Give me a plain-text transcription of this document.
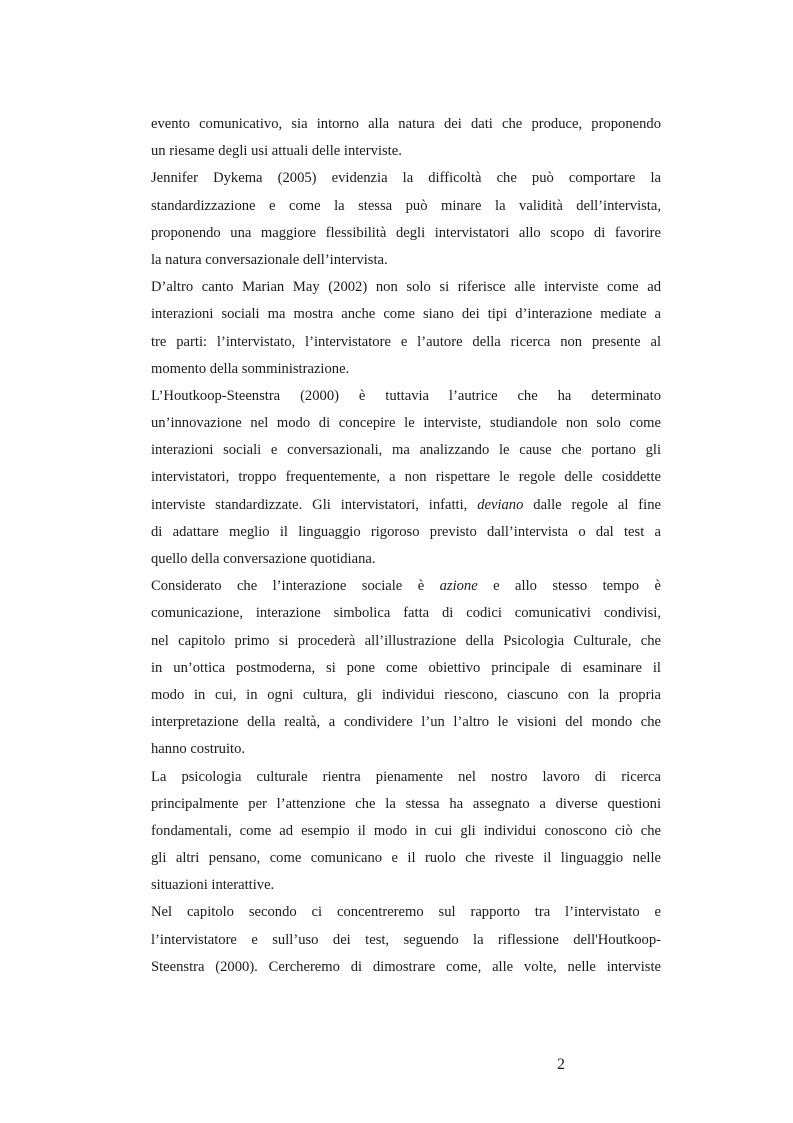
evento comunicativo, sia intorno alla natura dei dati che produce, proponendo
un riesame degli usi attuali delle interviste.

Jennifer Dykema (2005) evidenzia la difficoltà che può comportare la
standardizzazione e come la stessa può minare la validità dell’intervista,
proponendo una maggiore flessibilità degli intervistatori allo scopo di favorire
la natura conversazionale dell’intervista.

D’altro canto Marian May (2002) non solo si riferisce alle interviste come ad
interazioni sociali ma mostra anche come siano dei tipi d’interazione mediate a
tre parti: l’intervistato, l’intervistatore e l’autore della ricerca non presente al
momento della somministrazione.

L’Houtkoop-Steenstra (2000) è tuttavia l’autrice che ha determinato
un’innovazione nel modo di concepire le interviste, studiandole non solo come
interazioni sociali e conversazionali, ma analizzando le cause che portano gli
intervistatori, troppo frequentemente, a non rispettare le regole delle cosiddette
interviste standardizzate. Gli intervistatori, infatti, deviano dalle regole al fine
di adattare meglio il linguaggio rigoroso previsto dall’intervista o dal test a
quello della conversazione quotidiana.

Considerato che l’interazione sociale è azione e allo stesso tempo è
comunicazione, interazione simbolica fatta di codici comunicativi condivisi,
nel capitolo primo si procederà all’illustrazione della Psicologia Culturale, che
in un’ottica postmoderna, si pone come obiettivo principale di esaminare il
modo in cui, in ogni cultura, gli individui riescono, ciascuno con la propria
interpretazione della realtà, a condividere l’un l’altro le visioni del mondo che
hanno costruito.

La psicologia culturale rientra pienamente nel nostro lavoro di ricerca
principalmente per l’attenzione che la stessa ha assegnato a diverse questioni
fondamentali, come ad esempio il modo in cui gli individui conoscono ciò che
gli altri pensano, come comunicano e il ruolo che riveste il linguaggio nelle
situazioni interattive.

Nel capitolo secondo ci concentreremo sul rapporto tra l’intervistato e
l’intervistatore e sull’uso dei test, seguendo la riflessione dell'Houtkoop-
Steenstra (2000). Cercheremo di dimostrare come, alle volte, nelle interviste

2
